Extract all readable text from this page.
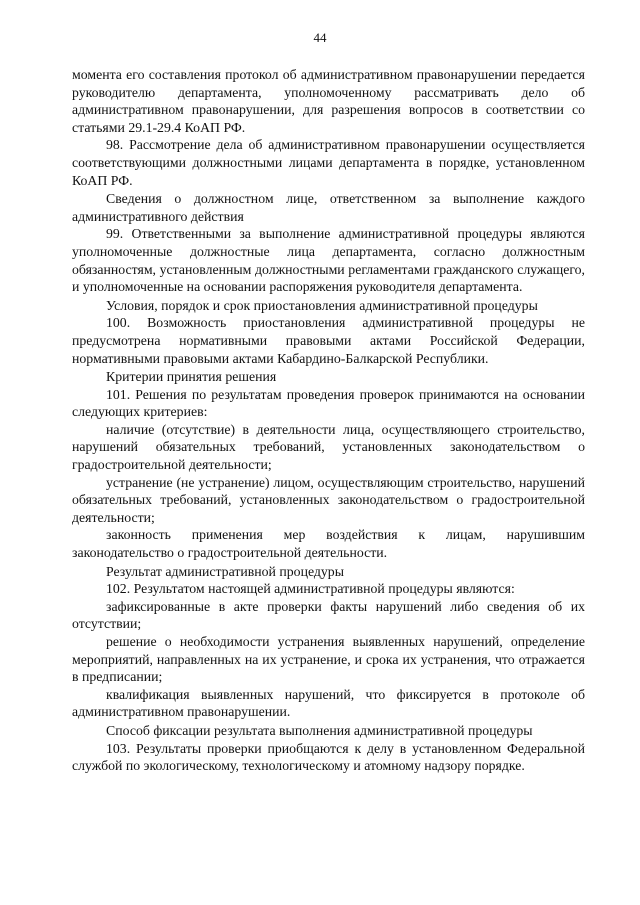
44

момента его составления протокол об административном правонарушении передается руководителю департамента, уполномоченному рассматривать дело об административном правонарушении, для разрешения вопросов в соответствии со статьями 29.1-29.4 КоАП РФ.

98. Рассмотрение дела об административном правонарушении осуществляется соответствующими должностными лицами департамента в порядке, установленном КоАП РФ.

Сведения о должностном лице, ответственном за выполнение каждого административного действия

99. Ответственными за выполнение административной процедуры являются уполномоченные должностные лица департамента, согласно должностным обязанностям, установленным должностными регламентами гражданского служащего, и уполномоченные на основании распоряжения руководителя департамента.

Условия, порядок и срок приостановления административной процедуры

100. Возможность приостановления административной процедуры не предусмотрена нормативными правовыми актами Российской Федерации, нормативными правовыми актами Кабардино-Балкарской Республики.

Критерии принятия решения

101. Решения по результатам проведения проверок принимаются на основании следующих критериев:

наличие (отсутствие) в деятельности лица, осуществляющего строительство, нарушений обязательных требований, установленных законодательством о градостроительной деятельности;

устранение (не устранение) лицом, осуществляющим строительство, нарушений обязательных требований, установленных законодательством о градостроительной деятельности;

законность применения мер воздействия к лицам, нарушившим законодательство о градостроительной деятельности.

Результат административной процедуры

102. Результатом настоящей административной процедуры являются:

зафиксированные в акте проверки факты нарушений либо сведения об их отсутствии;

решение о необходимости устранения выявленных нарушений, определение мероприятий, направленных на их устранение, и срока их устранения, что отражается в предписании;

квалификация выявленных нарушений, что фиксируется в протоколе об административном правонарушении.

Способ фиксации результата выполнения административной процедуры

103. Результаты проверки приобщаются к делу в установленном Федеральной службой по экологическому, технологическому и атомному надзору порядке.
